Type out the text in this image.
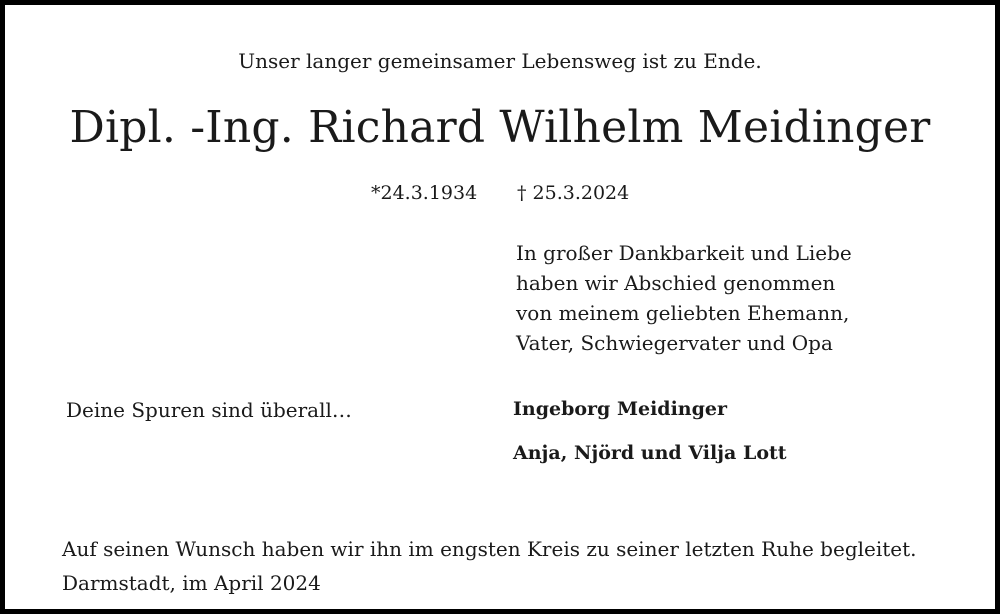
Unser langer gemeinsamer Lebensweg ist zu Ende.

Dipl. -Ing. Richard Wilhelm Meidinger

*24.3.1934 † 25.3.2024

In großer Dankbarkeit und Liebe
haben wir Abschied genommen
von meinem geliebten Ehemann,
Vater, Schwiegervater und Opa

Deine Spuren sind überall…	Ingeborg Meidinger

Anja, Njörd und Vilja Lott

Auf seinen Wunsch haben wir ihn im engsten Kreis zu seiner letzten Ruhe begleitet.

Darmstadt, im April 2024
